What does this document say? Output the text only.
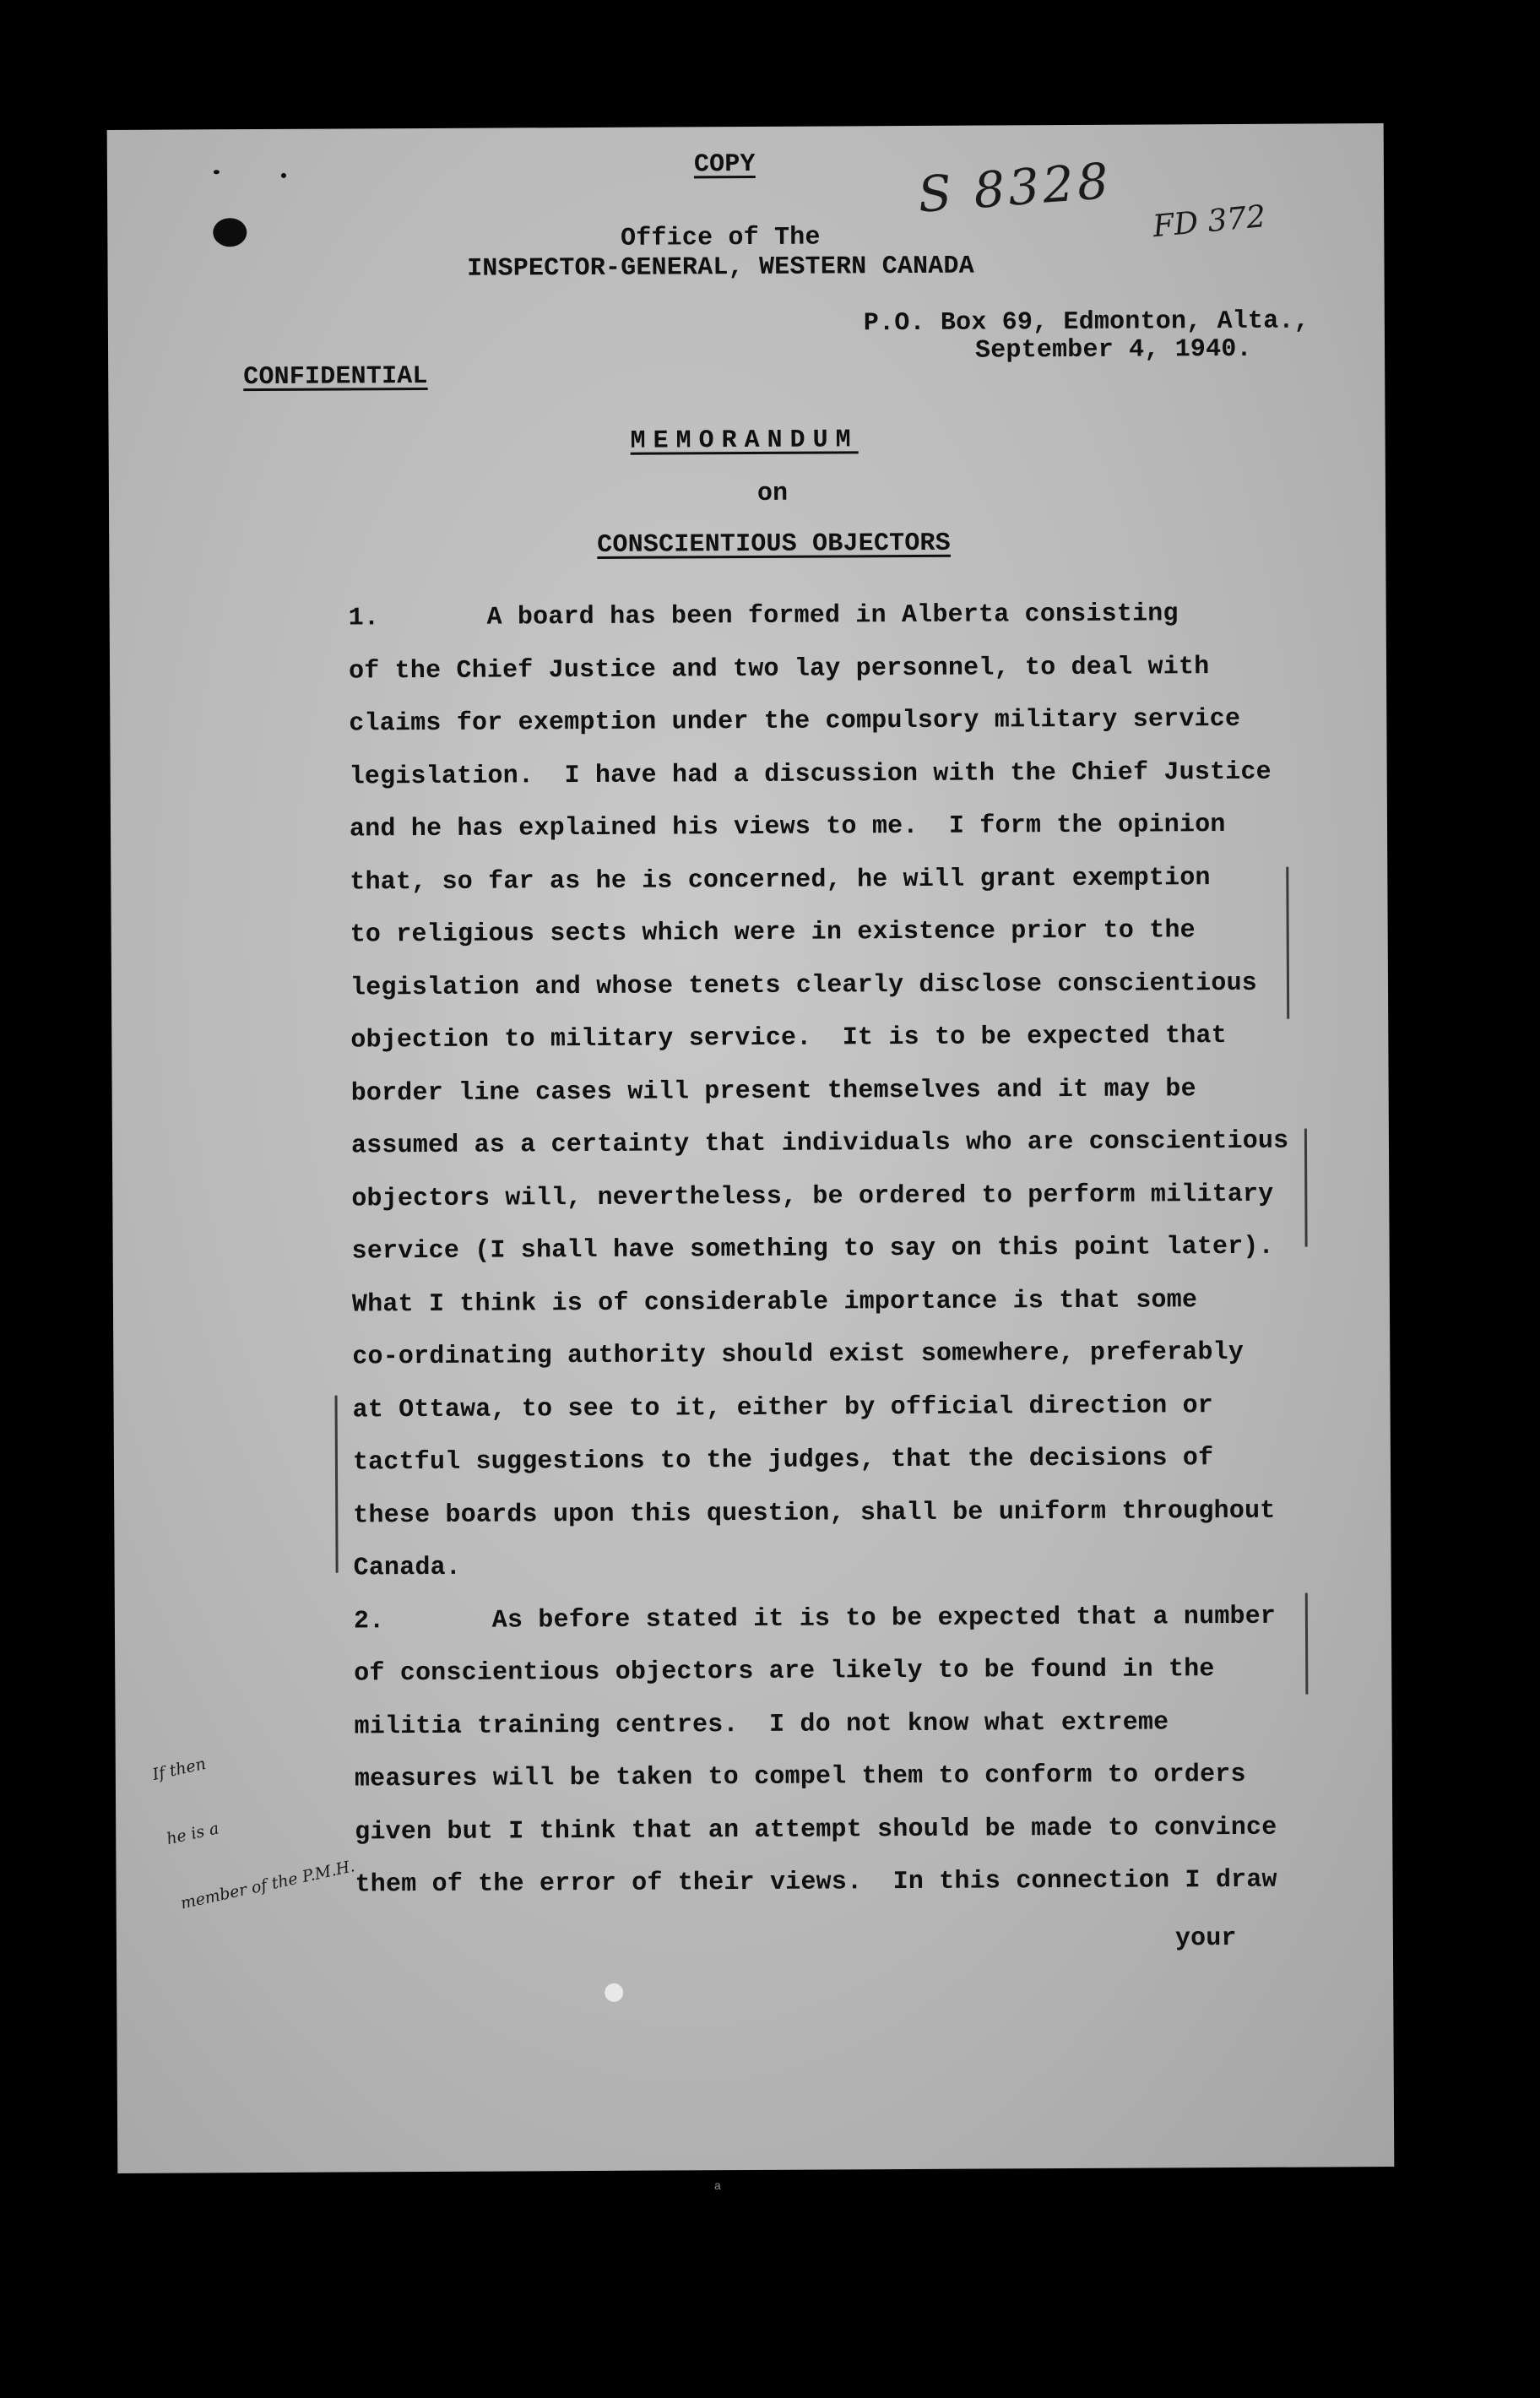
COPY	S 8328 FD 372
Office of The
INSPECTOR-GENERAL, WESTERN CANADA
P.O. Box 69, Edmonton, Alta.,
September 4, 1940.
CONFIDENTIAL
MEMORANDUM
on
CONSCIENTIOUS OBJECTORS
1.       A board has been formed in Alberta consisting
of the Chief Justice and two lay personnel, to deal with
claims for exemption under the compulsory military service
legislation.  I have had a discussion with the Chief Justice
and he has explained his views to me.  I form the opinion
that, so far as he is concerned, he will grant exemption
to religious sects which were in existence prior to the
legislation and whose tenets clearly disclose conscientious
objection to military service.  It is to be expected that
border line cases will present themselves and it may be
assumed as a certainty that individuals who are conscientious
objectors will, nevertheless, be ordered to perform military
service (I shall have something to say on this point later).
What I think is of considerable importance is that some
co-ordinating authority should exist somewhere, preferably
at Ottawa, to see to it, either by official direction or
tactful suggestions to the judges, that the decisions of
these boards upon this question, shall be uniform throughout
Canada.
2.       As before stated it is to be expected that a number
of conscientious objectors are likely to be found in the
militia training centres.  I do not know what extreme
measures will be taken to compel them to conform to orders
given but I think that an attempt should be made to convince
them of the error of their views.  In this connection I draw
your

If then

he is a

member of the P.M.H.

a
